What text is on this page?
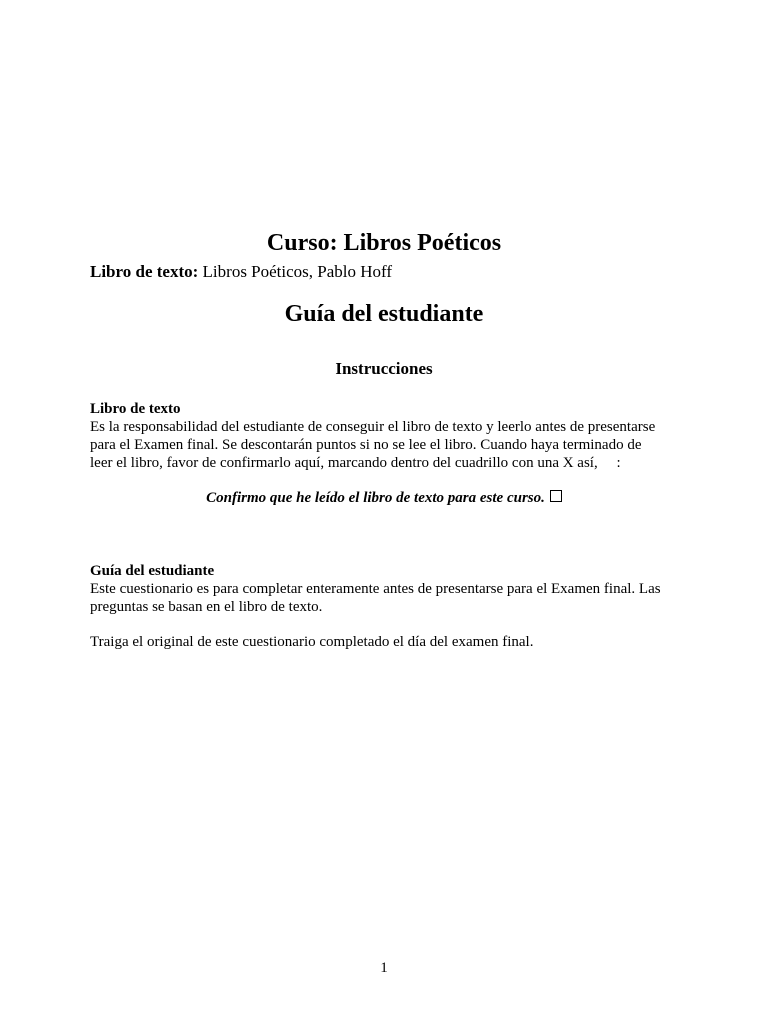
Curso: Libros Poéticos
Libro de texto: Libros Poéticos, Pablo Hoff
Guía del estudiante
Instrucciones
Libro de texto
Es la responsabilidad del estudiante de conseguir el libro de texto y leerlo antes de presentarse
para el Examen final. Se descontarán puntos si no se lee el libro. Cuando haya terminado de
leer el libro, favor de confirmarlo aquí, marcando dentro del cuadrillo con una X así,     :
Confirmo que he leído el libro de texto para este curso.
Guía del estudiante
Este cuestionario es para completar enteramente antes de presentarse para el Examen final. Las
preguntas se basan en el libro de texto.
Traiga el original de este cuestionario completado el día del examen final.
1
